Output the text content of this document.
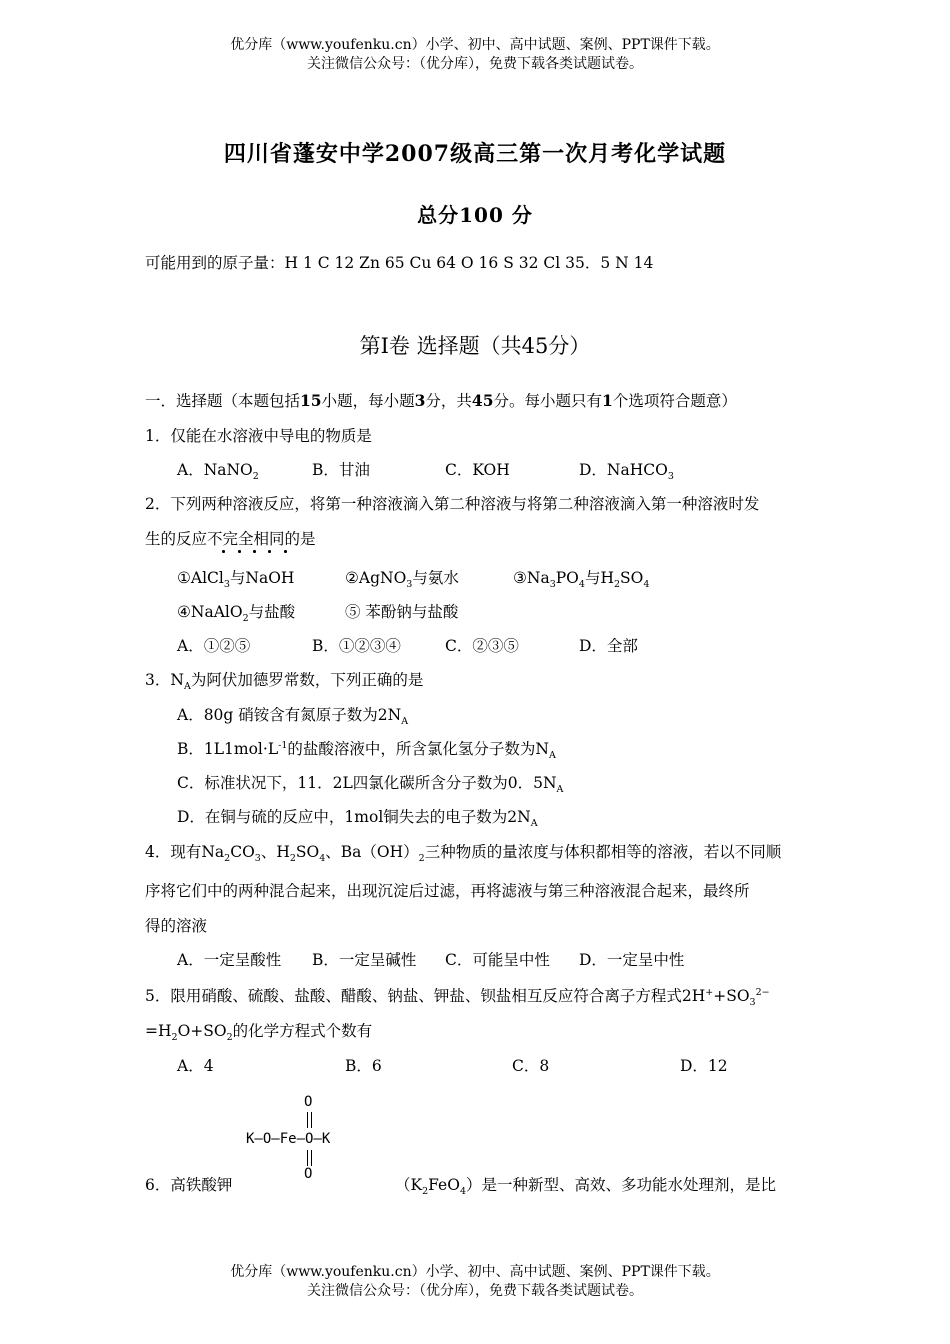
优分库（www.youfenku.cn）小学、初中、高中试题、案例、PPT课件下载。
关注微信公众号：（优分库），免费下载各类试题试卷。
四川省蓬安中学2007级高三第一次月考化学试题
总分100 分
可能用到的原子量：H 1 C 12 Zn 65 Cu 64 O 16 S 32 Cl 35．5 N 14
第Ⅰ卷 选择题（共45分）
一．选择题（本题包括15小题，每小题3分，共45分。每小题只有1个选项符合题意）
1．仅能在水溶液中导电的物质是
A．NaNO$_2$	B．甘油	C．KOH	D．NaHCO$_3$
2．下列两种溶液反应，将第一种溶液滴入第二种溶液与将第二种溶液滴入第一种溶液时发
生的反应不完全相同的是
①AlCl$_3$与NaOH	②AgNO$_3$与氨水	$③Na_3PO_4$与$H_2SO_4$
④NaAlO$_2$与盐酸	⑤ 苯酚钠与盐酸
A．①②⑤	B．①②③④	C．②③⑤	D．全部
3．$N_A$为阿伏加德罗常数，下列正确的是
A．80g 硝铵含有氮原子数为$2N_A$
B．$1L1mol\cdot L^{-1}$的盐酸溶液中，所含氯化氢分子数为$N_A$
C．标准状况下，11．2L四氯化碳所含分子数为0．$5N_A$
D．在铜与硫的反应中，1mol铜失去的电子数为$2N_A$
4．现有$Na_2CO_3$、$H_2SO_4$、$Ba(OH)_2$三种物质的量浓度与体积都相等的溶液，若以不同顺
序将它们中的两种混合起来，出现沉淀后过滤，再将滤液与第三种溶液混合起来，最终所
得的溶液
A．一定呈酸性 B．一定呈碱性 C．可能呈中性 D．一定呈中性
5．限用硝酸、硫酸、盐酸、醋酸、钠盐、钾盐、钡盐相互反应符合离子方程式$2H^++SO_3^{2-}$
$=H_2O+SO_2$的化学方程式个数有
A．4	B．6	C．8	D．12
O
K—O—Fe—O—K
O
6．高铁酸钾	$(K_2FeO_4)$是一种新型、高效、多功能水处理剂，是比
优分库（www.youfenku.cn）小学、初中、高中试题、案例、PPT课件下载。
关注微信公众号：（优分库），免费下载各类试题试卷。
